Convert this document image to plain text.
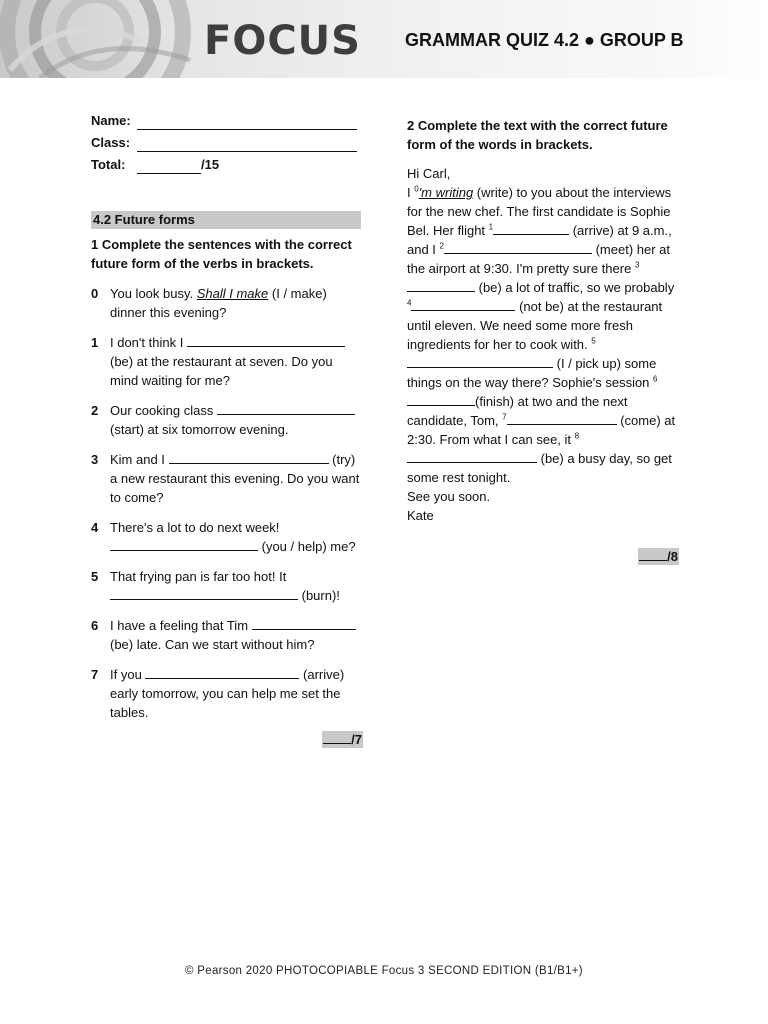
FOCUS GRAMMAR QUIZ 4.2 ● GROUP B
Name:
Class:
Total:	/15
4.2 Future forms
1 Complete the sentences with the correct future form of the verbs in brackets.
0 You look busy. Shall I make (I / make) dinner this evening?
1 I don't think I  (be) at the restaurant at seven. Do you mind waiting for me?
2 Our cooking class  (start) at six tomorrow evening.
3 Kim and I	(try) a new restaurant this evening. Do you want to come?
4 There's a lot to do next week!  (you / help) me?
5 That frying pan is far too hot! It  (burn)!
6 I have a feeling that Tim  (be) late. Can we start without him?
7 If you	(arrive) early tomorrow, you can help me set the tables.
/7
2 Complete the text with the correct future form of the words in brackets.

Hi Carl,

I $^0$'m writing (write) to you about the interviews for the new chef. The first candidate is Sophie Bel. Her flight $^1$	(arrive) at 9 a.m., and I $^2$	(meet) her at the airport at 9:30. I'm pretty sure there $^3$ (be) a lot of traffic, so we probably $^4$	(not be) at the restaurant until eleven. We need some more fresh ingredients for her to cook with. $^5$ (I / pick up) some things on the way there? Sophie's session $^6$(finish) at two and the next candidate, Tom, $^7$	(come) at 2:30. From what I can see, it $^8$ (be) a busy day, so get some rest tonight.

See you soon.

Kate

/8
© Pearson 2020 PHOTOCOPIABLE Focus 3 SECOND EDITION (B1/B1+)
